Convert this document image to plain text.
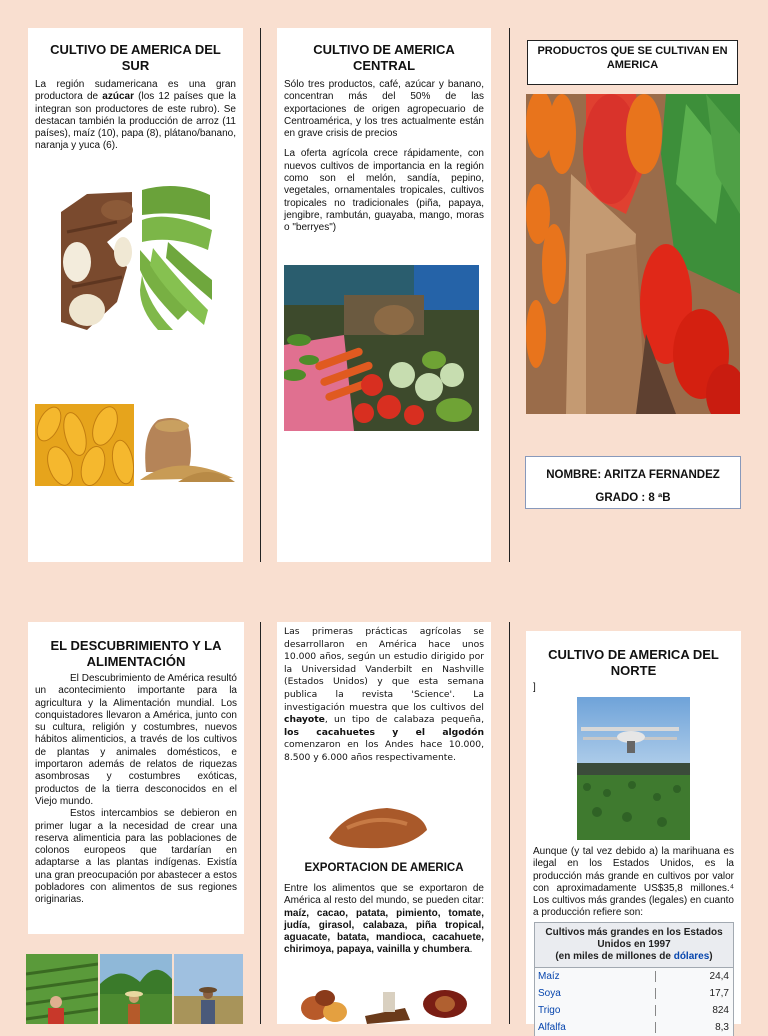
CULTIVO DE AMERICA DEL SUR

La región sudamericana es una gran productora de azúcar (los 12 países que la integran son productores de este rubro). Se destacan también la producción de arroz (11 países), maíz (10), papa (8), plátano/banano, naranja y yuca (6).

CULTIVO DE AMERICA CENTRAL

Sólo tres productos, café, azúcar y banano, concentran más del 50% de las exportaciones de origen agropecuario de Centroamérica, y los tres actualmente están en grave crisis de precios

La oferta agrícola crece rápidamente, con nuevos cultivos de importancia en la región como son el melón, sandía, pepino, vegetales, ornamentales tropicales, cultivos tropicales no tradicionales (piña, papaya, jengibre, rambután, guayaba, mango, moras o "berryes")

PRODUCTOS QUE SE CULTIVAN EN AMERICA

NOMBRE: ARITZA FERNANDEZ

GRADO : 8 ªB

EL DESCUBRIMIENTO Y LA ALIMENTACIÓN

El Descubrimiento de América resultó un acontecimiento importante para la agricultura y la Alimentación mundial. Los conquistadores llevaron a América, junto con su cultura, religión y costumbres, nuevos hábitos alimenticios, a través de los cultivos de plantas y animales domésticos, e importaron además de relatos de riquezas asombrosas y costumbres exóticas, productos de la tierra desconocidos en el Viejo mundo.

Estos intercambios se debieron en primer lugar a la necesidad de crear una reserva alimenticia para las poblaciones de colonos europeos que tardarían en adaptarse a las plantas indígenas. Existía una gran preocupación por abastecer a estos pobladores con alimentos de sus regiones originarias.

Las primeras prácticas agrícolas se desarrollaron en América hace unos 10.000 años, según un estudio dirigido por la Universidad Vanderbilt en Nashville (Estados Unidos) y que esta semana publica la revista 'Science'. La investigación muestra que los cultivos del chayote, un tipo de calabaza pequeña, los cacahuetes y el algodón comenzaron en los Andes hace 10.000, 8.500 y 6.000 años respectivamente.

EXPORTACION DE AMERICA

Entre los alimentos que se exportaron de América al resto del mundo, se pueden citar: maíz, cacao, patata, pimiento, tomate, judía, girasol, calabaza, piña tropical, aguacate, batata, mandioca, cacahuete, chirimoya, papaya, vainilla y chumbera.

CULTIVO DE AMERICA DEL NORTE

]

Aunque (y tal vez debido a) la marihuana es ilegal en los Estados Unidos, es la producción más grande en cultivos por valor con aproximadamente US$35,8 millones.⁴ Los cultivos más grandes (legales) en cuanto a producción refiere son:

Cultivos más grandes en los Estados Unidos en 1997
(en miles de millones de dólares)
Maíz	24,4
Soya	17,7
Trigo	824
Alfalfa	8,3
